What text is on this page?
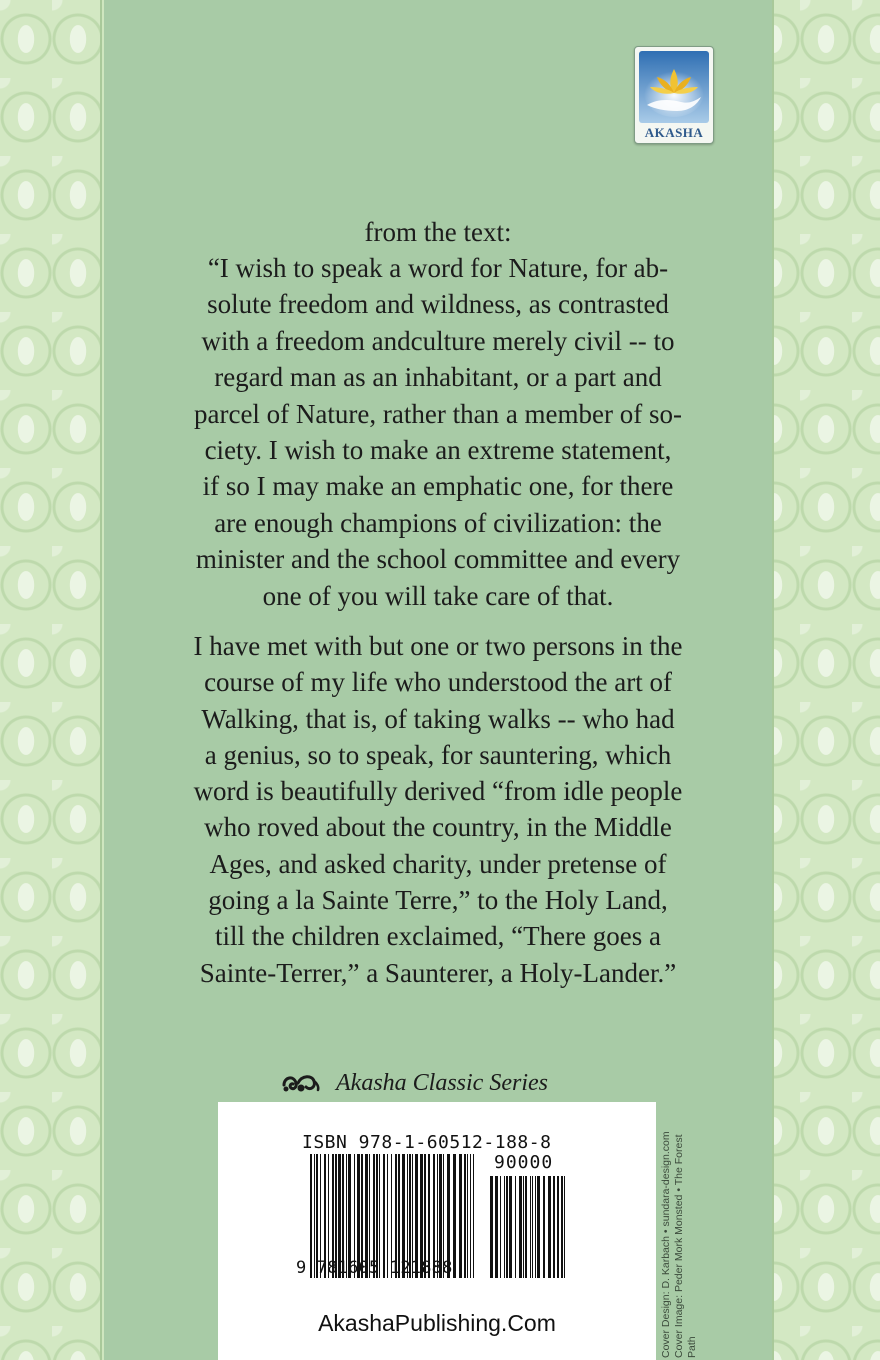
AKASHA
from the text:
“I wish to speak a word for Nature, for ab-
solute freedom and wildness, as contrasted
with a freedom andculture merely civil -- to
regard man as an inhabitant, or a part and
parcel of Nature, rather than a member of so-
ciety. I wish to make an extreme statement,
if so I may make an emphatic one, for there
are enough champions of civilization: the
minister and the school committee and every
one of you will take care of that.
I have met with but one or two persons in the
course of my life who understood the art of
Walking, that is, of taking walks -- who had
a genius, so to speak, for sauntering, which
word is beautifully derived “from idle people
who roved about the country, in the Middle
Ages, and asked charity, under pretense of
going a la Sainte Terre,” to the Holy Land,
till the children exclaimed, “There goes a
Sainte-Terrer,” a Saunterer, a Holy-Lander.”
Akasha Classic Series
ISBN 978-1-60512-188-8
90000
9 781605 121888
AkashaPublishing.Com	Cover Design: D. Karbach • sundara-design.com Cover Image: Peder Mork Monsted • The Forest Path
